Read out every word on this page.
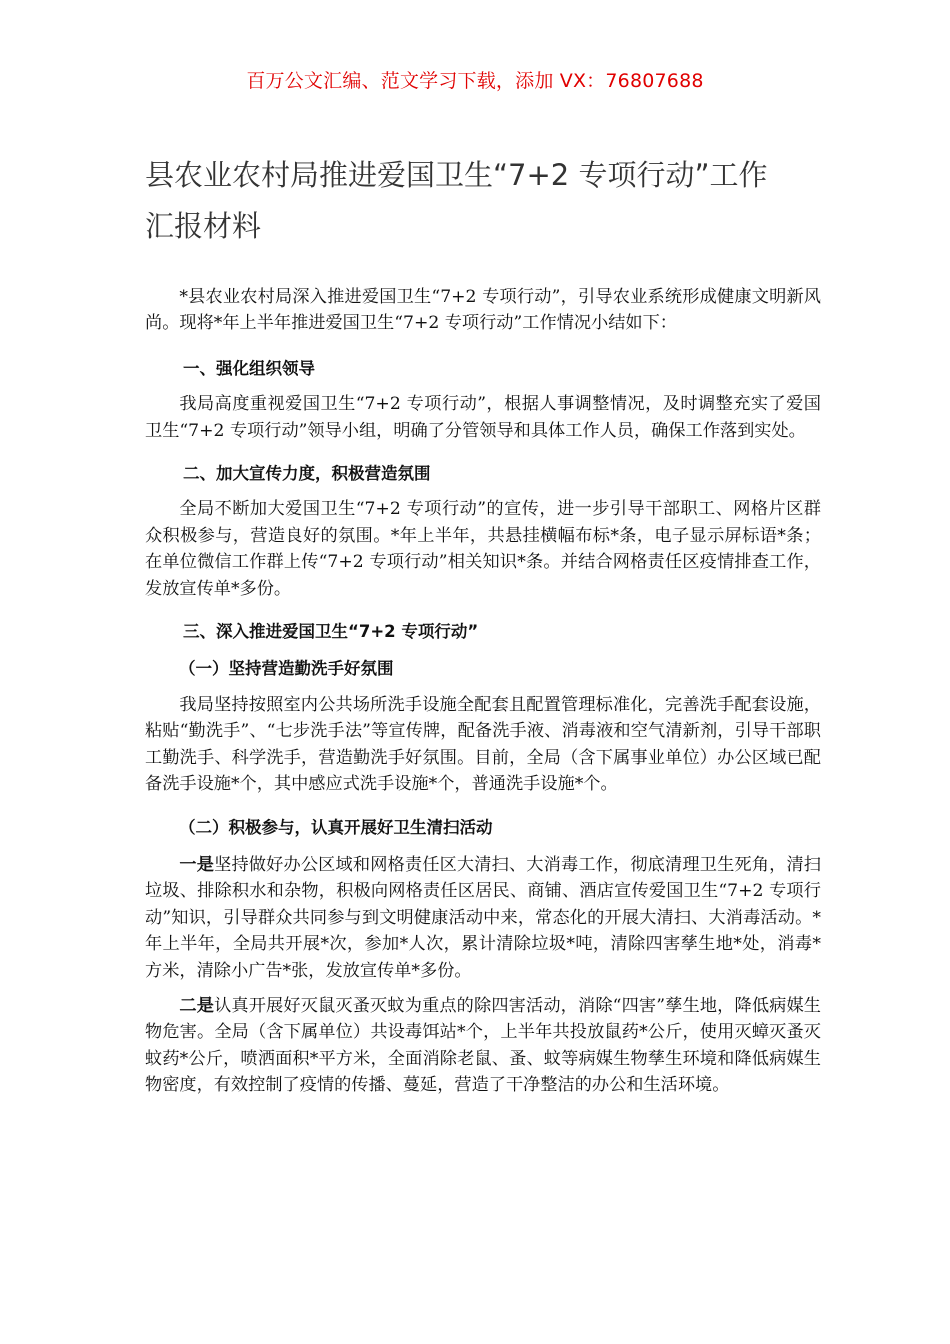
百万公文汇编、范文学习下载，添加 VX：76807688
县农业农村局推进爱国卫生“7+2 专项行动”工作
汇报材料

*县农业农村局深入推进爱国卫生“7+2 专项行动”，引导农业系统形成健康文明新风尚。现将*年上半年推进爱国卫生“7+2 专项行动”工作情况小结如下：

一、强化组织领导

我局高度重视爱国卫生“7+2 专项行动”，根据人事调整情况，及时调整充实了爱国卫生“7+2 专项行动”领导小组，明确了分管领导和具体工作人员，确保工作落到实处。

二、加大宣传力度，积极营造氛围

全局不断加大爱国卫生“7+2 专项行动”的宣传，进一步引导干部职工、网格片区群众积极参与，营造良好的氛围。*年上半年，共悬挂横幅布标*条，电子显示屏标语*条；在单位微信工作群上传“7+2 专项行动”相关知识*条。并结合网格责任区疫情排查工作，发放宣传单*多份。

三、深入推进爱国卫生“7+2 专项行动”

（一）坚持营造勤洗手好氛围

我局坚持按照室内公共场所洗手设施全配套且配置管理标准化，完善洗手配套设施，粘贴“勤洗手”、“七步洗手法”等宣传牌，配备洗手液、消毒液和空气清新剂，引导干部职工勤洗手、科学洗手，营造勤洗手好氛围。目前，全局（含下属事业单位）办公区域已配备洗手设施*个，其中感应式洗手设施*个，普通洗手设施*个。

（二）积极参与，认真开展好卫生清扫活动

一是坚持做好办公区域和网格责任区大清扫、大消毒工作，彻底清理卫生死角，清扫垃圾、排除积水和杂物，积极向网格责任区居民、商铺、酒店宣传爱国卫生“7+2 专项行动”知识，引导群众共同参与到文明健康活动中来，常态化的开展大清扫、大消毒活动。*年上半年，全局共开展*次，参加*人次，累计清除垃圾*吨，清除四害孳生地*处，消毒*方米，清除小广告*张，发放宣传单*多份。

二是认真开展好灭鼠灭蚤灭蚊为重点的除四害活动，消除“四害”孳生地，降低病媒生物危害。全局（含下属单位）共设毒饵站*个，上半年共投放鼠药*公斤，使用灭蟑灭蚤灭蚊药*公斤，喷洒面积*平方米，全面消除老鼠、蚤、蚊等病媒生物孳生环境和降低病媒生物密度，有效控制了疫情的传播、蔓延，营造了干净整洁的办公和生活环境。
